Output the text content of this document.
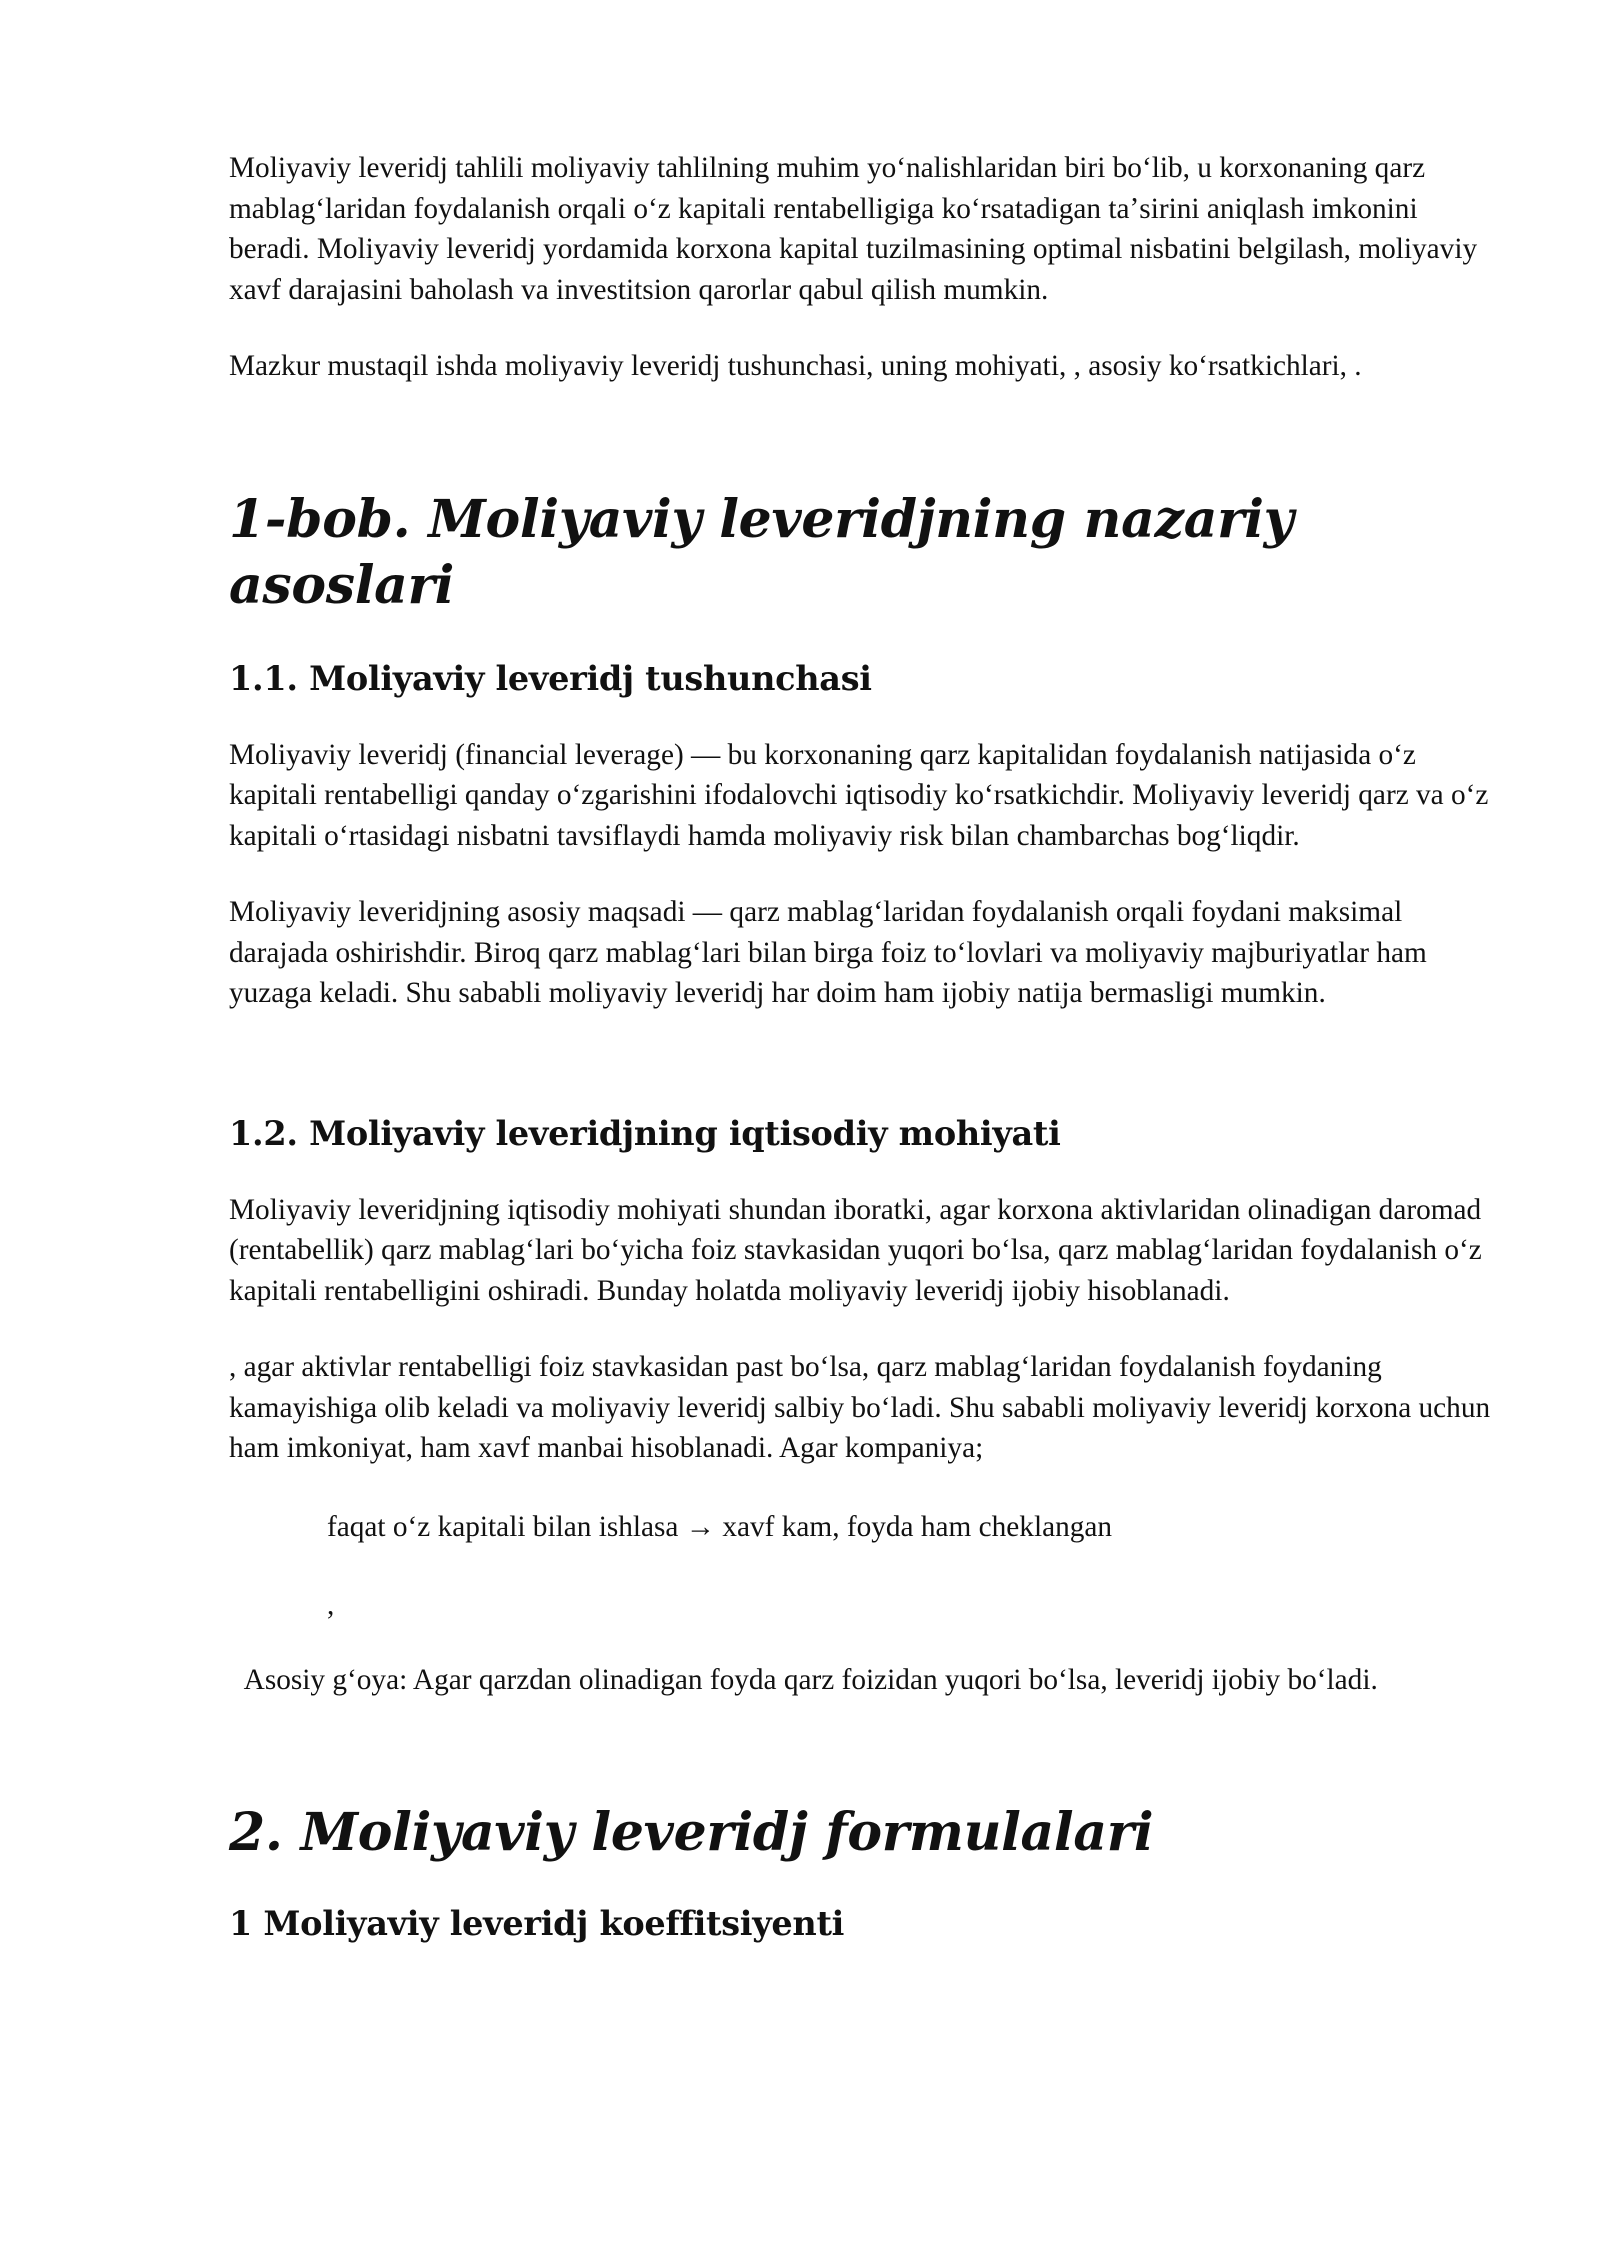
Moliyaviy leveridj tahlili moliyaviy tahlilning muhim yoʻnalishlaridan biri boʻlib, u korxonaning qarz mablagʻlaridan foydalanish orqali oʻz kapitali rentabelligiga koʻrsatadigan taʼsirini aniqlash imkonini beradi. Moliyaviy leveridj yordamida korxona kapital tuzilmasining optimal nisbatini belgilash, moliyaviy xavf darajasini baholash va investitsion qarorlar qabul qilish mumkin.

Mazkur mustaqil ishda moliyaviy leveridj tushunchasi, uning mohiyati, , asosiy koʻrsatkichlari, .

1-bob. Moliyaviy leveridjning nazariy asoslari
1.1. Moliyaviy leveridj tushunchasi

Moliyaviy leveridj (financial leverage) — bu korxonaning qarz kapitalidan foydalanish natijasida oʻz kapitali rentabelligi qanday oʻzgarishini ifodalovchi iqtisodiy koʻrsatkichdir. Moliyaviy leveridj qarz va oʻz kapitali oʻrtasidagi nisbatni tavsiflaydi hamda moliyaviy risk bilan chambarchas bogʻliqdir.

Moliyaviy leveridjning asosiy maqsadi — qarz mablagʻlaridan foydalanish orqali foydani maksimal darajada oshirishdir. Biroq qarz mablagʻlari bilan birga foiz toʻlovlari va moliyaviy majburiyatlar ham yuzaga keladi. Shu sababli moliyaviy leveridj har doim ham ijobiy natija bermasligi mumkin.

1.2. Moliyaviy leveridjning iqtisodiy mohiyati

Moliyaviy leveridjning iqtisodiy mohiyati shundan iboratki, agar korxona aktivlaridan olinadigan daromad (rentabellik) qarz mablagʻlari boʻyicha foiz stavkasidan yuqori boʻlsa, qarz mablagʻlaridan foydalanish oʻz kapitali rentabelligini oshiradi. Bunday holatda moliyaviy leveridj ijobiy hisoblanadi.

, agar aktivlar rentabelligi foiz stavkasidan past boʻlsa, qarz mablagʻlaridan foydalanish foydaning kamayishiga olib keladi va moliyaviy leveridj salbiy boʻladi. Shu sababli moliyaviy leveridj korxona uchun ham imkoniyat, ham xavf manbai hisoblanadi. Agar kompaniya;

faqat oʻz kapitali bilan ishlasa → xavf kam, foyda ham cheklangan
,

Asosiy gʻoya: Agar qarzdan olinadigan foyda qarz foizidan yuqori boʻlsa, leveridj ijobiy boʻladi.

2. Moliyaviy leveridj formulalari
1 Moliyaviy leveridj koeffitsiyenti
